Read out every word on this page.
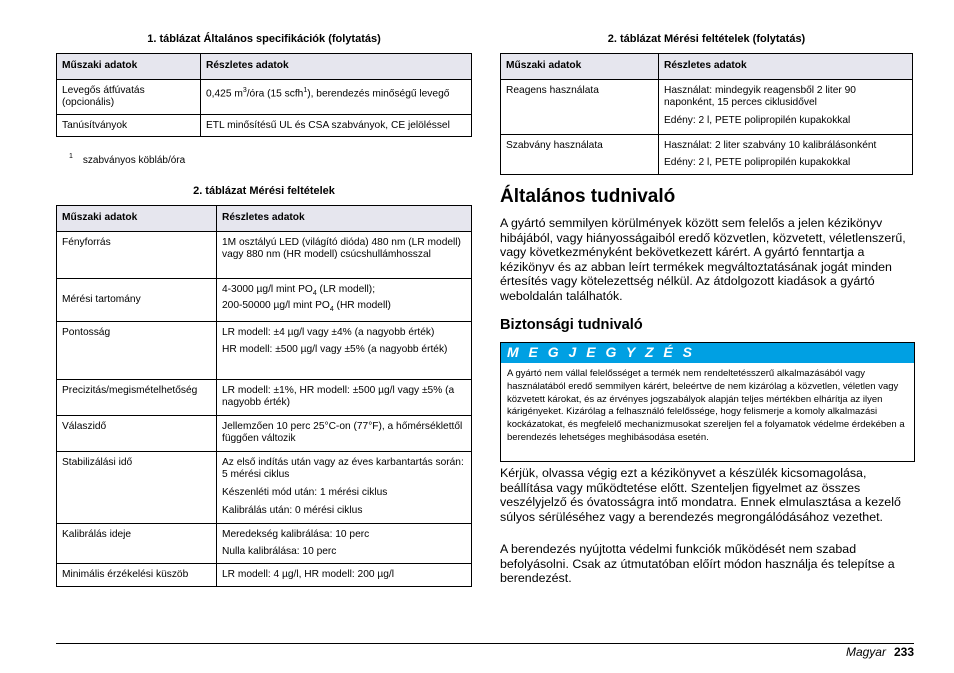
1. táblázat Általános specifikációk (folytatás)
Műszaki adatok	Részletes adatok
Levegős átfúvatás (opcionális)	0,425 $m^3$/óra (15 scfh$^1$), berendezés minőségű levegő
Tanúsítványok	ETL minősítésű UL és CSA szabványok, CE jelöléssel
$^1$ szabványos köbláb/óra
2. táblázat Mérési feltételek
Műszaki adatok	Részletes adatok
Fényforrás	1M osztályú LED (világító dióda) 480 nm (LR modell) vagy 880 nm (HR modell) csúcshullámhosszal

Mérési tartomány	4-3000 µg/l mint $PO_4$ (LR modell);
200-50000 µg/l mint $PO_4$ (HR modell)

Pontosság	LR modell: ±4 µg/l vagy ±4% (a nagyobb érték)

HR modell: ±500 µg/l vagy ±5% (a nagyobb érték)

Precizitás/megismételhetőség	LR modell: ±1%, HR modell: ±500 µg/l vagy ±5% (a nagyobb érték)

Válaszidő	Jellemzően 10 perc 25°C-on (77°F), a hőmérséklettől függően változik

Stabilizálási idő	Az első indítás után vagy az éves karbantartás során: 5 mérési ciklus

Készenléti mód után: 1 mérési ciklus

Kalibrálás után: 0 mérési ciklus

Kalibrálás ideje	Meredekség kalibrálása: 10 perc

Nulla kalibrálása: 10 perc

Minimális érzékelési küszöb	LR modell: 4 µg/l, HR modell: 200 µg/l

2. táblázat Mérési feltételek (folytatás)
Műszaki adatok	Részletes adatok
Reagens használata	Használat: mindegyik reagensből 2 liter 90 naponként, 15 perces ciklusidővel

Edény: 2 l, PETE polipropilén kupakokkal

Szabvány használata	Használat: 2 liter szabvány 10 kalibrálásonként

Edény: 2 l, PETE polipropilén kupakokkal

Általános tudnivaló

A gyártó semmilyen körülmények között sem felelős a jelen kézikönyv hibájából, vagy hiányosságaiból eredő közvetlen, közvetett, véletlenszerű, vagy következményként bekövetkezett kárért. A gyártó fenntartja a kézikönyv és az abban leírt termékek megváltoztatásának jogát minden értesítés vagy kötelezettség nélkül. Az átdolgozott kiadások a gyártó weboldalán találhatók.

Biztonsági tudnivaló
M E G J E G Y Z É S
A gyártó nem vállal felelősséget a termék nem rendeltetésszerű alkalmazásából vagy használatából eredő semmilyen kárért, beleértve de nem kizárólag a közvetlen, véletlen vagy közvetett károkat, és az érvényes jogszabályok alapján teljes mértékben elhárítja az ilyen kárigényeket. Kizárólag a felhasználó felelőssége, hogy felismerje a komoly alkalmazási kockázatokat, és megfelelő mechanizmusokat szereljen fel a folyamatok védelme érdekében a berendezés lehetséges meghibásodása esetén.

Kérjük, olvassa végig ezt a kézikönyvet a készülék kicsomagolása, beállítása vagy működtetése előtt. Szenteljen figyelmet az összes veszélyjelző és óvatosságra intő mondatra. Ennek elmulasztása a kezelő súlyos sérüléséhez vagy a berendezés megrongálódásához vezethet.

A berendezés nyújtotta védelmi funkciók működését nem szabad befolyásolni. Csak az útmutatóban előírt módon használja és telepítse a berendezést.

Magyar 233
